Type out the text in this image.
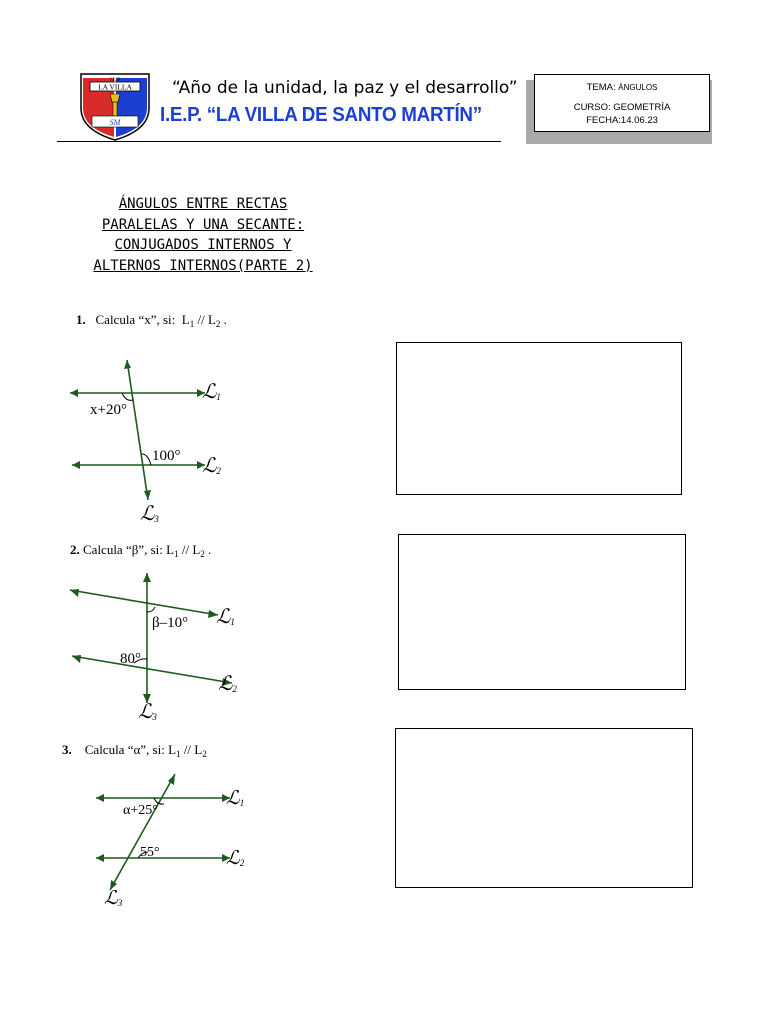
LA VILLA
I.E.P
SM
“Año de la unidad, la paz y el desarrollo”
I.E.P. “LA VILLA DE SANTO MARTÍN”
TEMA: ÁNGULOS
CURSO: GEOMETRÍA
FECHA:14.06.23
ÁNGULOS ENTRE RECTAS PARALELAS Y UNA SECANTE: CONJUGADOS INTERNOS Y ALTERNOS INTERNOS(PARTE 2)
1. Calcula “x”, si: $L_1 // L_2$ .
x+20°
100°
ℒ1
ℒ2
ℒ3
2. Calcula “β”, si: $L_1 // L_2$ .
β–10°
80°
ℒ1
ℒ2
ℒ3
3. Calcula “α”, si: $L_1 // L_2$
α+25°
55°
ℒ1
ℒ2
ℒ3
